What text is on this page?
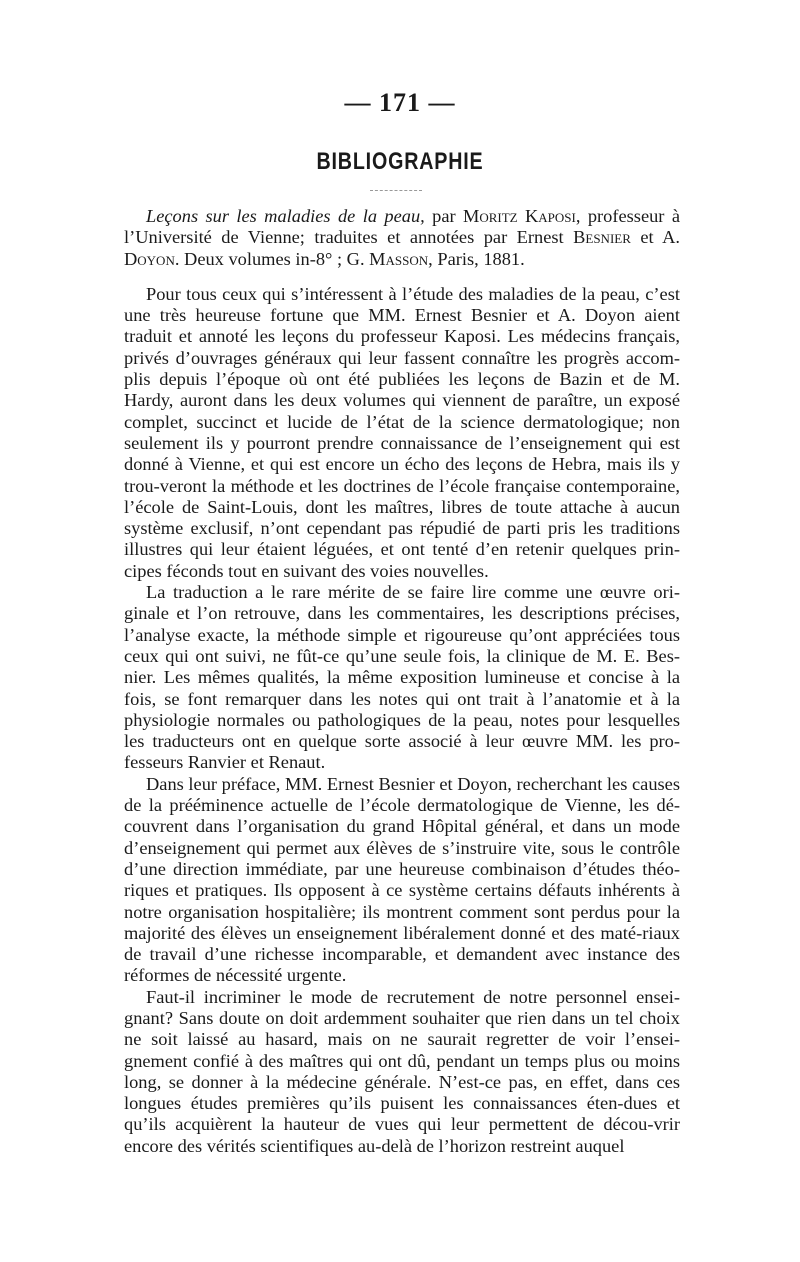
— 171 —
BIBLIOGRAPHIE

Leçons sur les maladies de la peau, par Moritz Kaposi, professeur à l’Université de Vienne; traduites et annotées par Ernest Besnier et A. Doyon. Deux volumes in-8° ; G. Masson, Paris, 1881.

Pour tous ceux qui s’intéressent à l’étude des maladies de la peau, c’est une très heureuse fortune que MM. Ernest Besnier et A. Doyon aient traduit et annoté les leçons du professeur Kaposi. Les médecins français, privés d’ouvrages généraux qui leur fassent connaître les progrès accom-plis depuis l’époque où ont été publiées les leçons de Bazin et de M. Hardy, auront dans les deux volumes qui viennent de paraître, un exposé complet, succinct et lucide de l’état de la science dermatologique; non seulement ils y pourront prendre connaissance de l’enseignement qui est donné à Vienne, et qui est encore un écho des leçons de Hebra, mais ils y trou-veront la méthode et les doctrines de l’école française contemporaine, l’école de Saint-Louis, dont les maîtres, libres de toute attache à aucun système exclusif, n’ont cependant pas répudié de parti pris les traditions illustres qui leur étaient léguées, et ont tenté d’en retenir quelques prin-cipes féconds tout en suivant des voies nouvelles.

La traduction a le rare mérite de se faire lire comme une œuvre ori-ginale et l’on retrouve, dans les commentaires, les descriptions précises, l’analyse exacte, la méthode simple et rigoureuse qu’ont appréciées tous ceux qui ont suivi, ne fût-ce qu’une seule fois, la clinique de M. E. Bes-nier. Les mêmes qualités, la même exposition lumineuse et concise à la fois, se font remarquer dans les notes qui ont trait à l’anatomie et à la physiologie normales ou pathologiques de la peau, notes pour lesquelles les traducteurs ont en quelque sorte associé à leur œuvre MM. les pro-fesseurs Ranvier et Renaut.

Dans leur préface, MM. Ernest Besnier et Doyon, recherchant les causes de la prééminence actuelle de l’école dermatologique de Vienne, les dé-couvrent dans l’organisation du grand Hôpital général, et dans un mode d’enseignement qui permet aux élèves de s’instruire vite, sous le contrôle d’une direction immédiate, par une heureuse combinaison d’études théo-riques et pratiques. Ils opposent à ce système certains défauts inhérents à notre organisation hospitalière; ils montrent comment sont perdus pour la majorité des élèves un enseignement libéralement donné et des maté-riaux de travail d’une richesse incomparable, et demandent avec instance des réformes de nécessité urgente.

Faut-il incriminer le mode de recrutement de notre personnel ensei-gnant? Sans doute on doit ardemment souhaiter que rien dans un tel choix ne soit laissé au hasard, mais on ne saurait regretter de voir l’ensei-gnement confié à des maîtres qui ont dû, pendant un temps plus ou moins long, se donner à la médecine générale. N’est-ce pas, en effet, dans ces longues études premières qu’ils puisent les connaissances éten-dues et qu’ils acquièrent la hauteur de vues qui leur permettent de décou-vrir encore des vérités scientifiques au-delà de l’horizon restreint auquel
